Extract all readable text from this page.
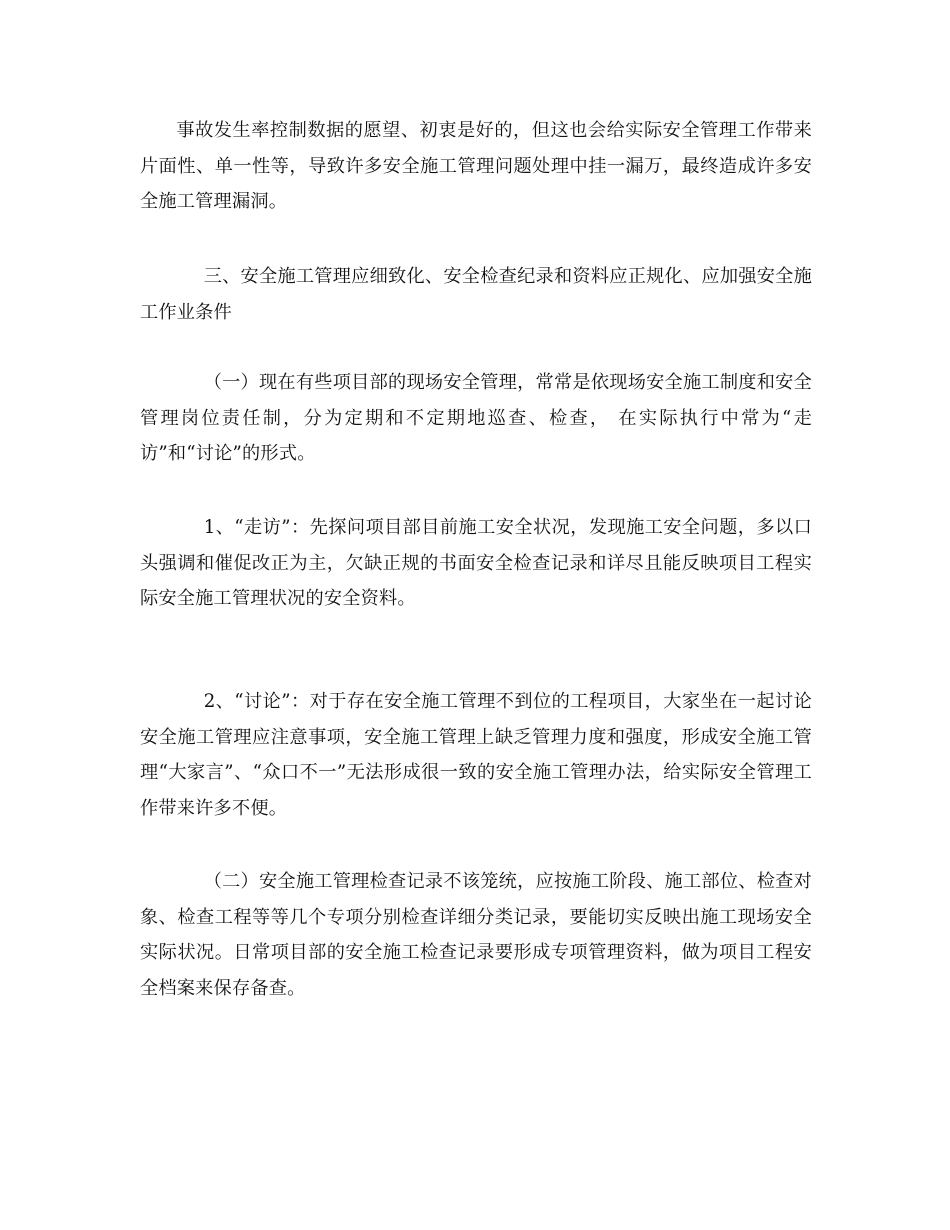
事故发生率控制数据的愿望、初衷是好的，但这也会给实际安全管理工作带来片面性、单一性等，导致许多安全施工管理问题处理中挂一漏万，最终造成许多安全施工管理漏洞。

三、安全施工管理应细致化、安全检查纪录和资料应正规化、应加强安全施工作业条件

（一）现在有些项目部的现场安全管理，常常是依现场安全施工制度和安全管理岗位责任制，分为定期和不定期地巡查、检查， 在实际执行中常为“走访”和“讨论”的形式。

1、“走访”：先探问项目部目前施工安全状况，发现施工安全问题，多以口头强调和催促改正为主，欠缺正规的书面安全检查记录和详尽且能反映项目工程实际安全施工管理状况的安全资料。

2、“讨论”：对于存在安全施工管理不到位的工程项目，大家坐在一起讨论安全施工管理应注意事项，安全施工管理上缺乏管理力度和强度，形成安全施工管理“大家言”、“众口不一”无法形成很一致的安全施工管理办法，给实际安全管理工作带来许多不便。

（二）安全施工管理检查记录不该笼统，应按施工阶段、施工部位、检查对象、检查工程等等几个专项分别检查详细分类记录，要能切实反映出施工现场安全实际状况。日常项目部的安全施工检查记录要形成专项管理资料，做为项目工程安全档案来保存备查。
